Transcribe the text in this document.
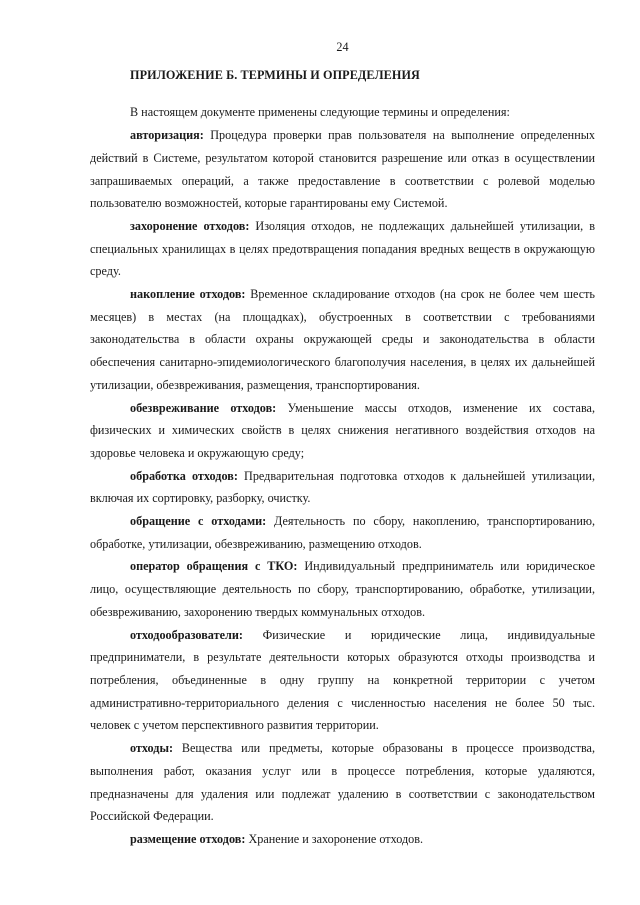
24
ПРИЛОЖЕНИЕ Б. ТЕРМИНЫ И ОПРЕДЕЛЕНИЯ

В настоящем документе применены следующие термины и определения:

авторизация: Процедура проверки прав пользователя на выполнение определенных действий в Системе, результатом которой становится разрешение или отказ в осуществлении запрашиваемых операций, а также предоставление в соответствии с ролевой моделью пользователю возможностей, которые гарантированы ему Системой.

захоронение отходов: Изоляция отходов, не подлежащих дальнейшей утилизации, в специальных хранилищах в целях предотвращения попадания вредных веществ в окружающую среду.

накопление отходов: Временное складирование отходов (на срок не более чем шесть месяцев) в местах (на площадках), обустроенных в соответствии с требованиями законодательства в области охраны окружающей среды и законодательства в области обеспечения санитарно-эпидемиологического благополучия населения, в целях их дальнейшей утилизации, обезвреживания, размещения, транспортирования.

обезвреживание отходов: Уменьшение массы отходов, изменение их состава, физических и химических свойств в целях снижения негативного воздействия отходов на здоровье человека и окружающую среду;

обработка отходов: Предварительная подготовка отходов к дальнейшей утилизации, включая их сортировку, разборку, очистку.

обращение с отходами: Деятельность по сбору, накоплению, транспортированию, обработке, утилизации, обезвреживанию, размещению отходов.

оператор обращения с ТКО: Индивидуальный предприниматель или юридическое лицо, осуществляющие деятельность по сбору, транспортированию, обработке, утилизации, обезвреживанию, захоронению твердых коммунальных отходов.

отходообразователи: Физические и юридические лица, индивидуальные предприниматели, в результате деятельности которых образуются отходы производства и потребления, объединенные в одну группу на конкретной территории с учетом административно-территориального деления с численностью населения не более 50 тыс. человек с учетом перспективного развития территории.

отходы: Вещества или предметы, которые образованы в процессе производства, выполнения работ, оказания услуг или в процессе потребления, которые удаляются, предназначены для удаления или подлежат удалению в соответствии с законодательством Российской Федерации.

размещение отходов: Хранение и захоронение отходов.
